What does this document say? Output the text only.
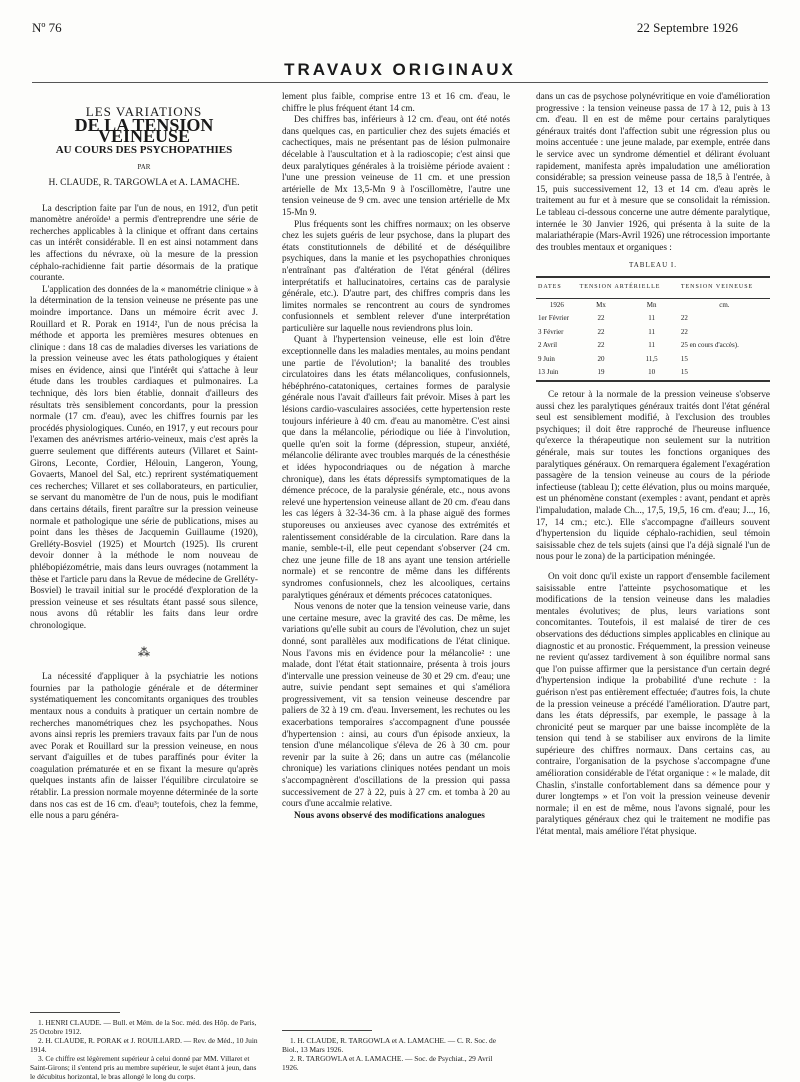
Nº 76	22 Septembre 1926
TRAVAUX ORIGINAUX
LES VARIATIONS
DE LA TENSION VEINEUSE
AU COURS DES PSYCHOPATHIES
PAR
H. CLAUDE, R. TARGOWLA et A. LAMACHE.

La description faite par l'un de nous, en 1912, d'un petit manomètre anéroïde¹ a permis d'entreprendre une série de recherches applicables à la clinique et offrant dans certains cas un intérêt considérable. Il en est ainsi notamment dans les affections du névraxe, où la mesure de la pression céphalo-rachidienne fait partie désormais de la pratique courante.

L'application des données de la « manométrie clinique » à la détermination de la tension veineuse ne présente pas une moindre importance. Dans un mémoire écrit avec J. Rouillard et R. Porak en 1914², l'un de nous précisa la méthode et apporta les premières mesures obtenues en clinique : dans 18 cas de maladies diverses les variations de la pression veineuse avec les états pathologiques y étaient mises en évidence, ainsi que l'intérêt qui s'attache à leur étude dans les troubles cardiaques et pulmonaires. La technique, dès lors bien établie, donnait d'ailleurs des résultats très sensiblement concordants, pour la pression normale (17 cm. d'eau), avec les chiffres fournis par les procédés physiologiques. Cunéo, en 1917, y eut recours pour l'examen des anévrismes artério-veineux, mais c'est après la guerre seulement que différents auteurs (Villaret et Saint-Girons, Leconte, Cordier, Hélouin, Langeron, Young, Govaerts, Manoel del Sal, etc.) reprirent systématiquement ces recherches; Villaret et ses collaborateurs, en particulier, se servant du manomètre de l'un de nous, puis le modifiant dans certains détails, firent paraître sur la pression veineuse normale et pathologique une série de publications, mises au point dans les thèses de Jacquemin Guillaume (1920), Grelléty-Bosviel (1925) et Mourtch (1925). Ils crurent devoir donner à la méthode le nom nouveau de phlébopiézométrie, mais dans leurs ouvrages (notamment la thèse et l'article paru dans la Revue de médecine de Grelléty-Bosviel) le travail initial sur le procédé d'exploration de la pression veineuse et ses résultats étant passé sous silence, nous avons dû rétablir les faits dans leur ordre chronologique.

⁂

La nécessité d'appliquer à la psychiatrie les notions fournies par la pathologie générale et de déterminer systématiquement les concomitants organiques des troubles mentaux nous a conduits à pratiquer un certain nombre de recherches manométriques chez les psychopathes. Nous avons ainsi repris les premiers travaux faits par l'un de nous avec Porak et Rouillard sur la pression veineuse, en nous servant d'aiguilles et de tubes paraffinés pour éviter la coagulation prématurée et en se fixant la mesure qu'après quelques instants afin de laisser l'équilibre circulatoire se rétablir. La pression normale moyenne déterminée de la sorte dans nos cas est de 16 cm. d'eau³; toutefois, chez la femme, elle nous a paru généra-

1. HENRI CLAUDE. — Bull. et Mém. de la Soc. méd. des Hôp. de Paris, 25 Octobre 1912.

2. H. CLAUDE, R. PORAK et J. ROUILLARD. — Rev. de Méd., 10 Juin 1914.

3. Ce chiffre est légèrement supérieur à celui donné par MM. Villaret et Saint-Girons; il s'entend pris au membre supérieur, le sujet étant à jeun, dans le décubitus horizontal, le bras allongé le long du corps.

lement plus faible, comprise entre 13 et 16 cm. d'eau, le chiffre le plus fréquent étant 14 cm.

Des chiffres bas, inférieurs à 12 cm. d'eau, ont été notés dans quelques cas, en particulier chez des sujets émaciés et cachectiques, mais ne présentant pas de lésion pulmonaire décelable à l'auscultation et à la radioscopie; c'est ainsi que deux paralytiques générales à la troisième période avaient : l'une une pression veineuse de 11 cm. et une pression artérielle de Mx 13,5-Mn 9 à l'oscillomètre, l'autre une tension veineuse de 9 cm. avec une tension artérielle de Mx 15-Mn 9.

Plus fréquents sont les chiffres normaux; on les observe chez les sujets guéris de leur psychose, dans la plupart des états constitutionnels de débilité et de déséquilibre psychiques, dans la manie et les psychopathies chroniques n'entraînant pas d'altération de l'état général (délires interprétatifs et hallucinatoires, certains cas de paralysie générale, etc.). D'autre part, des chiffres compris dans les limites normales se rencontrent au cours de syndromes confusionnels et semblent relever d'une interprétation particulière sur laquelle nous reviendrons plus loin.

Quant à l'hypertension veineuse, elle est loin d'être exceptionnelle dans les maladies mentales, au moins pendant une partie de l'évolution¹; la banalité des troubles circulatoires dans les états mélancoliques, confusionnels, hébéphréno-catatoniques, certaines formes de paralysie générale nous l'avait d'ailleurs fait prévoir. Mises à part les lésions cardio-vasculaires associées, cette hypertension reste toujours inférieure à 40 cm. d'eau au manomètre. C'est ainsi que dans la mélancolie, périodique ou liée à l'involution, quelle qu'en soit la forme (dépression, stupeur, anxiété, mélancolie délirante avec troubles marqués de la cénesthésie et idées hypocondriaques ou de négation à marche chronique), dans les états dépressifs symptomatiques de la démence précoce, de la paralysie générale, etc., nous avons relevé une hypertension veineuse allant de 20 cm. d'eau dans les cas légers à 32-34-36 cm. à la phase aiguë des formes stuporeuses ou anxieuses avec cyanose des extrémités et ralentissement considérable de la circulation. Rare dans la manie, semble-t-il, elle peut cependant s'observer (24 cm. chez une jeune fille de 18 ans ayant une tension artérielle normale) et se rencontre de même dans les différents syndromes confusionnels, chez les alcooliques, certains paralytiques généraux et déments précoces catatoniques.

Nous venons de noter que la tension veineuse varie, dans une certaine mesure, avec la gravité des cas. De même, les variations qu'elle subit au cours de l'évolution, chez un sujet donné, sont parallèles aux modifications de l'état clinique. Nous l'avons mis en évidence pour la mélancolie² : une malade, dont l'état était stationnaire, présenta à trois jours d'intervalle une pression veineuse de 30 et 29 cm. d'eau; une autre, suivie pendant sept semaines et qui s'améliora progressivement, vit sa tension veineuse descendre par paliers de 32 à 19 cm. d'eau. Inversement, les rechutes ou les exacerbations temporaires s'accompagnent d'une poussée d'hypertension : ainsi, au cours d'un épisode anxieux, la tension d'une mélancolique s'éleva de 26 à 30 cm. pour revenir par la suite à 26; dans un autre cas (mélancolie chronique) les variations cliniques notées pendant un mois s'accompagnèrent d'oscillations de la pression qui passa successivement de 27 à 22, puis à 27 cm. et tomba à 20 au cours d'une accalmie relative.

Nous avons observé des modifications analogues

1. H. CLAUDE, R. TARGOWLA et A. LAMACHE. — C. R. Soc. de Biol., 13 Mars 1926.

2. R. TARGOWLA et A. LAMACHE. — Soc. de Psychiat., 29 Avril 1926.

dans un cas de psychose polynévritique en voie d'amélioration progressive : la tension veineuse passa de 17 à 12, puis à 13 cm. d'eau. Il en est de même pour certains paralytiques généraux traités dont l'affection subit une régression plus ou moins accentuée : une jeune malade, par exemple, entrée dans le service avec un syndrome démentiel et délirant évoluant rapidement, manifesta après impaludation une amélioration considérable; sa pression veineuse passa de 18,5 à l'entrée, à 15, puis successivement 12, 13 et 14 cm. d'eau après le traitement au fur et à mesure que se consolidait la rémission. Le tableau ci-dessous concerne une autre démente paralytique, internée le 30 Janvier 1926, qui présenta à la suite de la malariathérapie (Mars-Avril 1926) une rétrocession importante des troubles mentaux et organiques :

TABLEAU I.
DATES	TENSION ARTÉRIELLE		TENSION VEINEUSE
1926	Mx	Mn	cm.
1er Février	22	11	22
3 Février	22	11	22
2 Avril	22	11	25 en cours d'accès).
9 Juin	20	11,5	15
13 Juin	19	10	15

Ce retour à la normale de la pression veineuse s'observe aussi chez les paralytiques généraux traités dont l'état général seul est sensiblement modifié, à l'exclusion des troubles psychiques; il doit être rapproché de l'heureuse influence qu'exerce la thérapeutique non seulement sur la nutrition générale, mais sur toutes les fonctions organiques des paralytiques généraux. On remarquera également l'exagération passagère de la tension veineuse au cours de la période infectieuse (tableau I); cette élévation, plus ou moins marquée, est un phénomène constant (exemples : avant, pendant et après l'impaludation, malade Ch..., 17,5, 19,5, 16 cm. d'eau; J..., 16, 17, 14 cm.; etc.). Elle s'accompagne d'ailleurs souvent d'hypertension du liquide céphalo-rachidien, seul témoin saisissable chez de tels sujets (ainsi que l'a déjà signalé l'un de nous pour le zona) de la participation méningée.

On voit donc qu'il existe un rapport d'ensemble facilement saisissable entre l'atteinte psychosomatique et les modifications de la tension veineuse dans les maladies mentales évolutives; de plus, leurs variations sont concomitantes. Toutefois, il est malaisé de tirer de ces observations des déductions simples applicables en clinique au diagnostic et au pronostic. Fréquemment, la pression veineuse ne revient qu'assez tardivement à son équilibre normal sans que l'on puisse affirmer que la persistance d'un certain degré d'hypertension indique la probabilité d'une rechute : la guérison n'est pas entièrement effectuée; d'autres fois, la chute de la pression veineuse a précédé l'amélioration. D'autre part, dans les états dépressifs, par exemple, le passage à la chronicité peut se marquer par une baisse incomplète de la tension qui tend à se stabiliser aux environs de la limite supérieure des chiffres normaux. Dans certains cas, au contraire, l'organisation de la psychose s'accompagne d'une amélioration considérable de l'état organique : « le malade, dit Chaslin, s'installe confortablement dans sa démence pour y durer longtemps » et l'on voit la pression veineuse devenir normale; il en est de même, nous l'avons signalé, pour les paralytiques généraux chez qui le traitement ne modifie pas l'état mental, mais améliore l'état physique.
